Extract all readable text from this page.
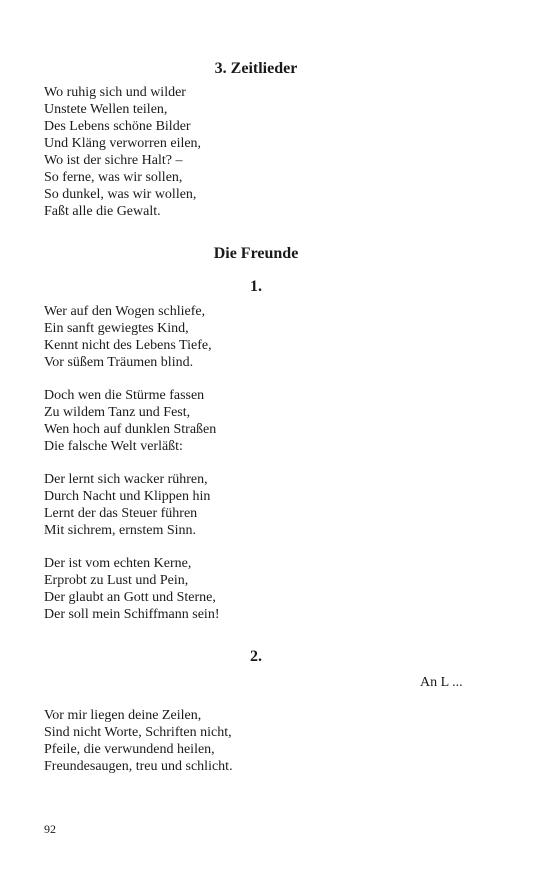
3. Zeitlieder
Wo ruhig sich und wilder
Unstete Wellen teilen,
Des Lebens schöne Bilder
Und Kläng verworren eilen,
Wo ist der sichre Halt? –
So ferne, was wir sollen,
So dunkel, was wir wollen,
Faßt alle die Gewalt.
Die Freunde
1.
Wer auf den Wogen schliefe,
Ein sanft gewiegtes Kind,
Kennt nicht des Lebens Tiefe,
Vor süßem Träumen blind.
Doch wen die Stürme fassen
Zu wildem Tanz und Fest,
Wen hoch auf dunklen Straßen
Die falsche Welt verläßt:
Der lernt sich wacker rühren,
Durch Nacht und Klippen hin
Lernt der das Steuer führen
Mit sichrem, ernstem Sinn.
Der ist vom echten Kerne,
Erprobt zu Lust und Pein,
Der glaubt an Gott und Sterne,
Der soll mein Schiffmann sein!
2.
An L ...
Vor mir liegen deine Zeilen,
Sind nicht Worte, Schriften nicht,
Pfeile, die verwundend heilen,
Freundesaugen, treu und schlicht.
92
